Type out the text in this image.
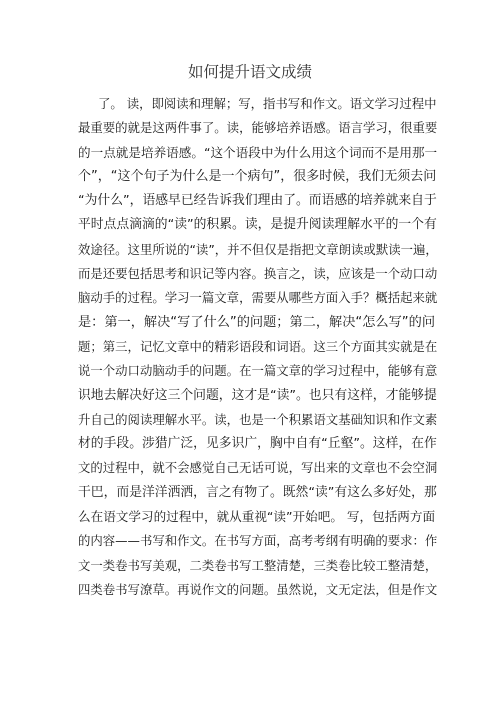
如何提升语文成绩
了。 读，即阅读和理解；写，指书写和作文。语文学习过程中
最重要的就是这两件事了。读，能够培养语感。语言学习，很重要
的一点就是培养语感。“这个语段中为什么用这个词而不是用那一
个”，“这个句子为什么是一个病句”，很多时候，我们无须去问
“为什么”，语感早已经告诉我们理由了。而语感的培养就来自于
平时点点滴滴的“读”的积累。读，是提升阅读理解水平的一个有
效途径。这里所说的“读”，并不但仅是指把文章朗读或默读一遍，
而是还要包括思考和识记等内容。换言之，读，应该是一个动口动
脑动手的过程。学习一篇文章，需要从哪些方面入手？概括起来就
是：第一，解决“写了什么”的问题；第二，解决“怎么写”的问
题；第三，记忆文章中的精彩语段和词语。这三个方面其实就是在
说一个动口动脑动手的问题。在一篇文章的学习过程中，能够有意
识地去解决好这三个问题，这才是“读”。也只有这样，才能够提
升自己的阅读理解水平。读，也是一个积累语文基础知识和作文素
材的手段。涉猎广泛，见多识广，胸中自有“丘壑”。这样，在作
文的过程中，就不会感觉自己无话可说，写出来的文章也不会空洞
干巴，而是洋洋洒洒，言之有物了。既然“读”有这么多好处，那
么在语文学习的过程中，就从重视“读”开始吧。 写，包括两方面
的内容——书写和作文。在书写方面，高考考纲有明确的要求：作
文一类卷书写美观，二类卷书写工整清楚，三类卷比较工整清楚，
四类卷书写潦草。再说作文的问题。虽然说，文无定法，但是作文
